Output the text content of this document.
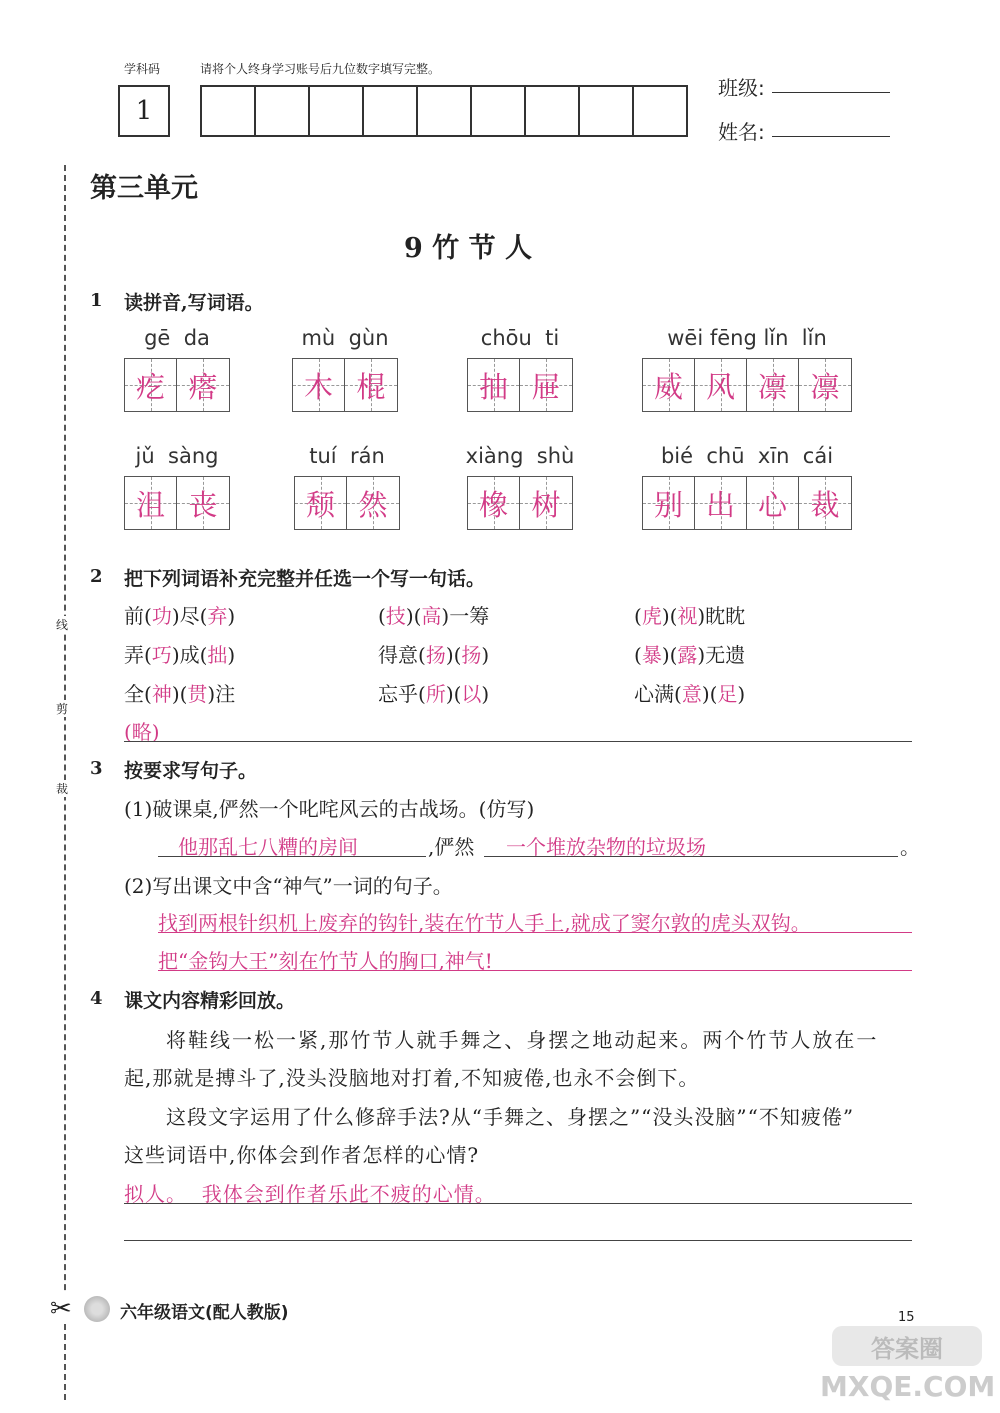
学科码	请将个人终身学习账号后九位数字填写完整。
1
班级:
姓名:
线
剪
裁
✂
第三单元
9 竹 节 人
1 读拼音,写词语。
gē  da
疙 瘩
mù  gùn
木 棍
chōu  ti
抽 屉
wēi fēng lǐn  lǐn
威 风 凛 凛
jǔ  sàng
沮 丧
tuí  rán
颓 然
xiàng  shù
橡 树
bié  chū  xīn  cái
别 出 心 裁
2 把下列词语补充完整并任选一个写一句话。
前(功)尽(弃)	(技)(高)一筹	(虎)(视)眈眈
弄(巧)成(拙)	得意(扬)(扬)	(暴)(露)无遗
全(神)(贯)注	忘乎(所)(以)	心满(意)(足)
(略)
3 按要求写句子。
(1)破课桌,俨然一个叱咤风云的古战场。(仿写)
他那乱七八糟的房间	,俨然 一个堆放杂物的垃圾场	。
(2)写出课文中含“神气”一词的句子。
找到两根针织机上废弃的钩针,装在竹节人手上,就成了窦尔敦的虎头双钩。
把“金钩大王”刻在竹节人的胸口,神气!
4 课文内容精彩回放。
将鞋线一松一紧,那竹节人就手舞之、身摆之地动起来。两个竹节人放在一
起,那就是搏斗了,没头没脑地对打着,不知疲倦,也永不会倒下。
这段文字运用了什么修辞手法?从“手舞之、身摆之”“没头没脑”“不知疲倦”
这些词语中,你体会到作者怎样的心情?
拟人。  我体会到作者乐此不疲的心情。
六年级语文(配人教版)	15
答案圈
MXQE.COM
